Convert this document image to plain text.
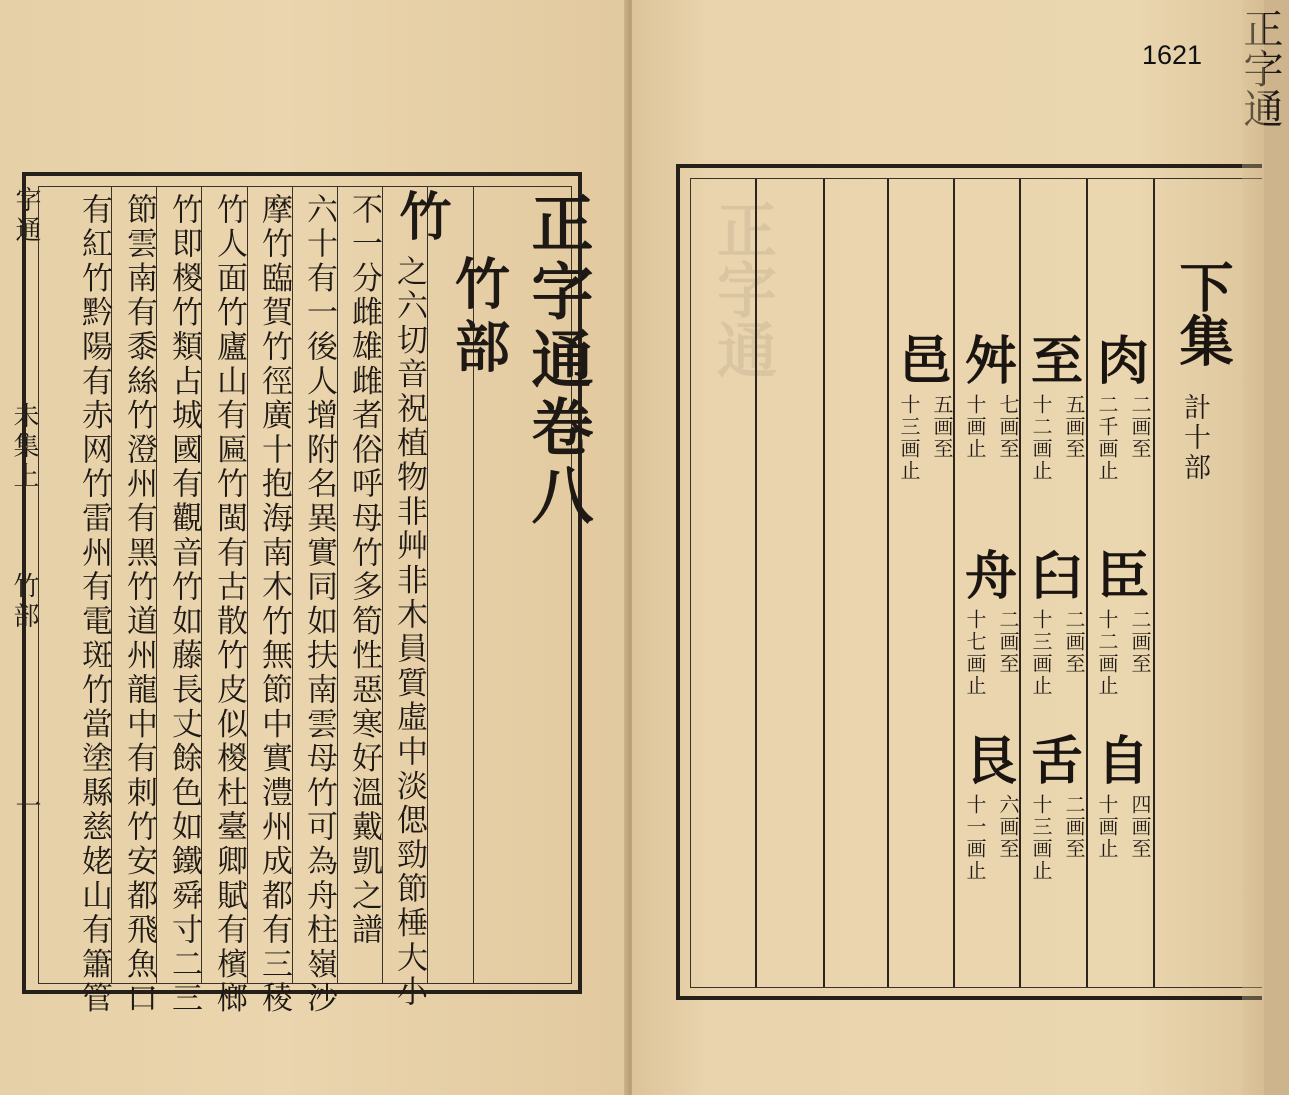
字通
未集上
竹部
一
正字通卷八
竹部
竹
之六切音祝植物非艸非木員質虛中淡偲勁節棰大小
不一分雌雄雌者俗呼母竹多筍性惡寒好溫戴凱之譜
六十有一後人增附名異實同如扶南雲母竹可為舟柱嶺沙
摩竹臨賀竹徑廣十抱海南木竹無節中實澧州成都有三稜
竹人面竹廬山有匾竹閩有古散竹皮似椶杜臺卿賦有檳榔
竹即椶竹類占城國有觀音竹如藤長丈餘色如鐵舜寸二三
節雲南有黍絲竹澄州有黑竹道州龍中有刺竹安都飛魚口
有紅竹黔陽有赤网竹雷州有電斑竹當塗縣慈姥山有簫管
1621
正字通	下集
計十部
肉
二画至
二千画止
臣
二画至
十二画止
自
四画至
十画止
至
五画至
十二画止
臼
二画至
十三画止
舌
二画至
十三画止
舛
七画至
十画止
舟
二画至
十七画止
艮
六画至
十一画止
邑
五画至
十三画止
正字通
